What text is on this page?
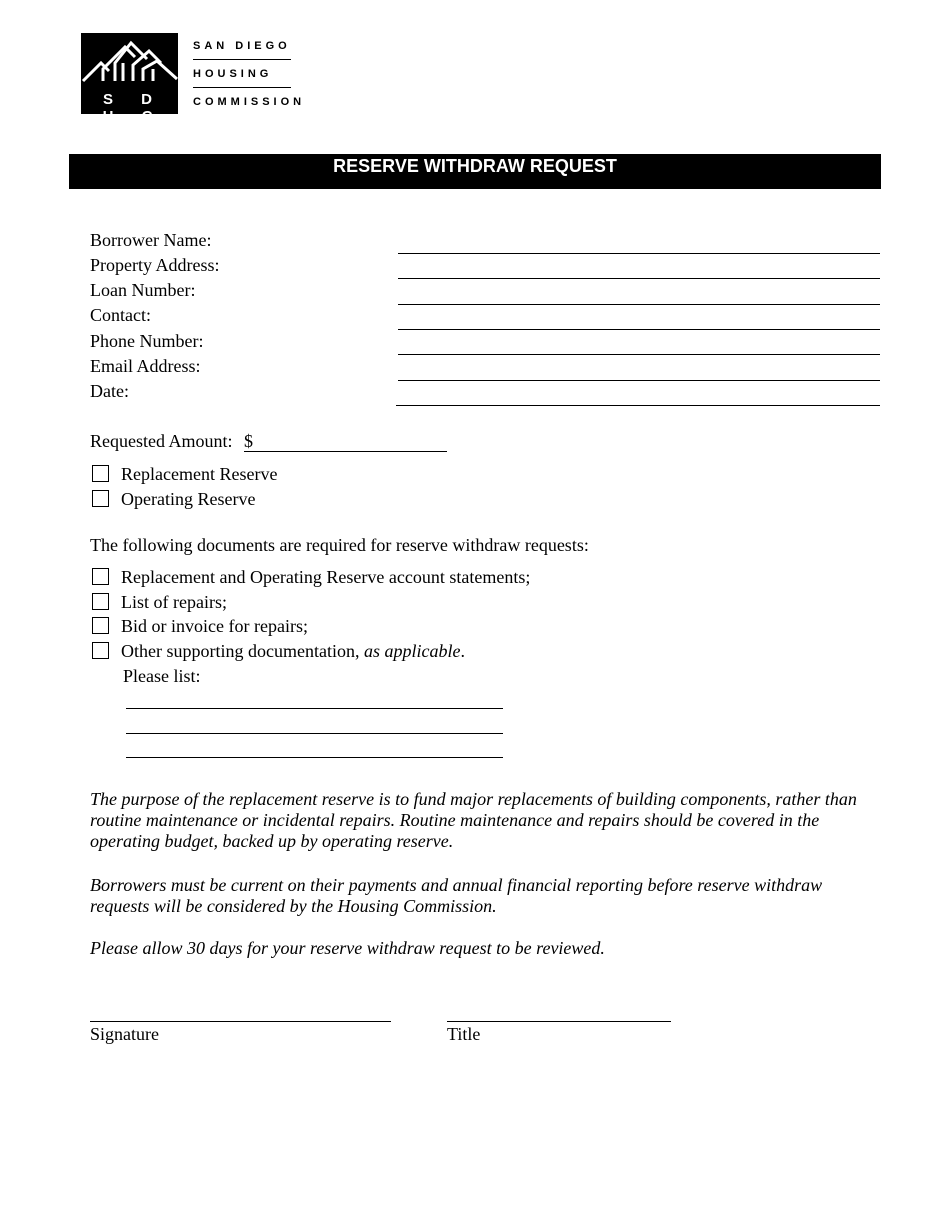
S D H C
SAN DIEGO
HOUSING
COMMISSION
RESERVE WITHDRAW REQUEST
Borrower Name:
Property Address:
Loan Number:
Contact:
Phone Number:
Email Address:
Date:
Requested Amount: $
Replacement Reserve
Operating Reserve
The following documents are required for reserve withdraw requests:
Replacement and Operating Reserve account statements;
List of repairs;
Bid or invoice for repairs;
Other supporting documentation, as applicable.
Please list:
The purpose of the replacement reserve is to fund major replacements of building components, rather than routine maintenance or incidental repairs. Routine maintenance and repairs should be covered in the operating budget, backed up by operating reserve.
Borrowers must be current on their payments and annual financial reporting before reserve withdraw requests will be considered by the Housing Commission.
Please allow 30 days for your reserve withdraw request to be reviewed.
Signature	Title
